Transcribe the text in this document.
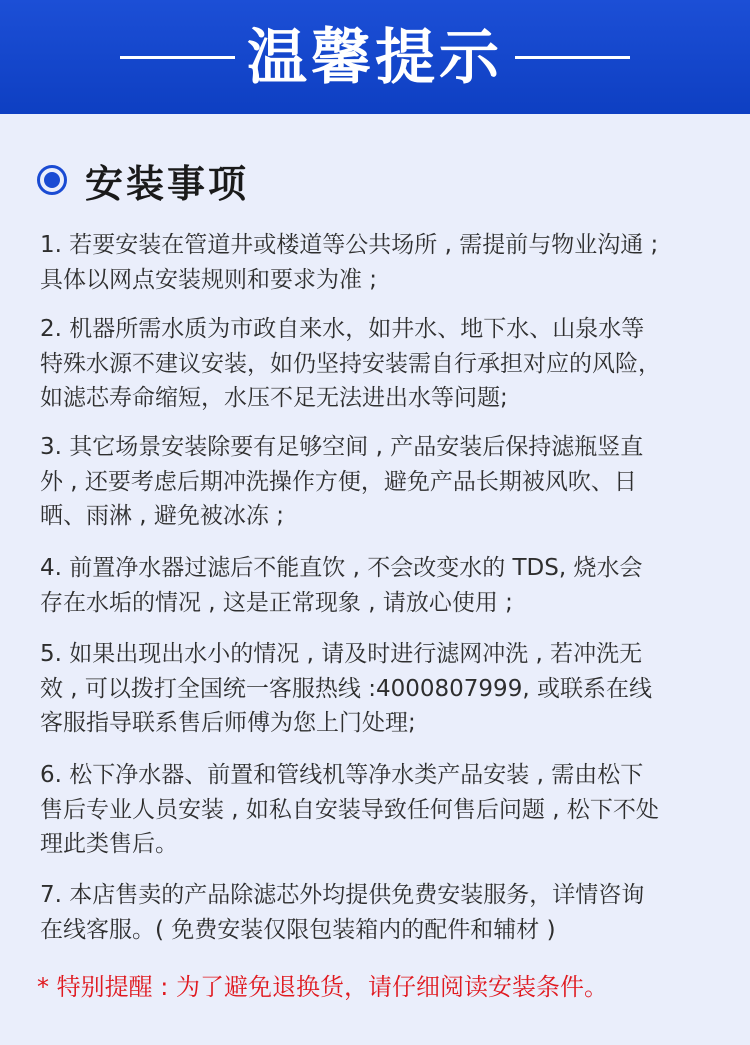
温馨提示
安装事项
1. 若要安装在管道井或楼道等公共场所 , 需提前与物业沟通 ;
具体以网点安装规则和要求为准 ;
2. 机器所需水质为市政自来水，如井水、地下水、山泉水等
特殊水源不建议安装，如仍坚持安装需自行承担对应的风险，
如滤芯寿命缩短，水压不足无法进出水等问题;
3. 其它场景安装除要有足够空间 , 产品安装后保持滤瓶竖直
外 , 还要考虑后期冲洗操作方便，避免产品长期被风吹、日
晒、雨淋 , 避免被冰冻 ;
4. 前置净水器过滤后不能直饮 , 不会改变水的 TDS, 烧水会
存在水垢的情况 , 这是正常现象 , 请放心使用 ;
5. 如果出现出水小的情况 , 请及时进行滤网冲洗 , 若冲洗无
效 , 可以拨打全国统一客服热线 :4000807999, 或联系在线
客服指导联系售后师傅为您上门处理;
6. 松下净水器、前置和管线机等净水类产品安装 , 需由松下
售后专业人员安装 , 如私自安装导致任何售后问题 , 松下不处
理此类售后。
7. 本店售卖的产品除滤芯外均提供免费安装服务，详情咨询
在线客服。( 免费安装仅限包装箱内的配件和辅材 )
* 特别提醒 : 为了避免退换货，请仔细阅读安装条件。
